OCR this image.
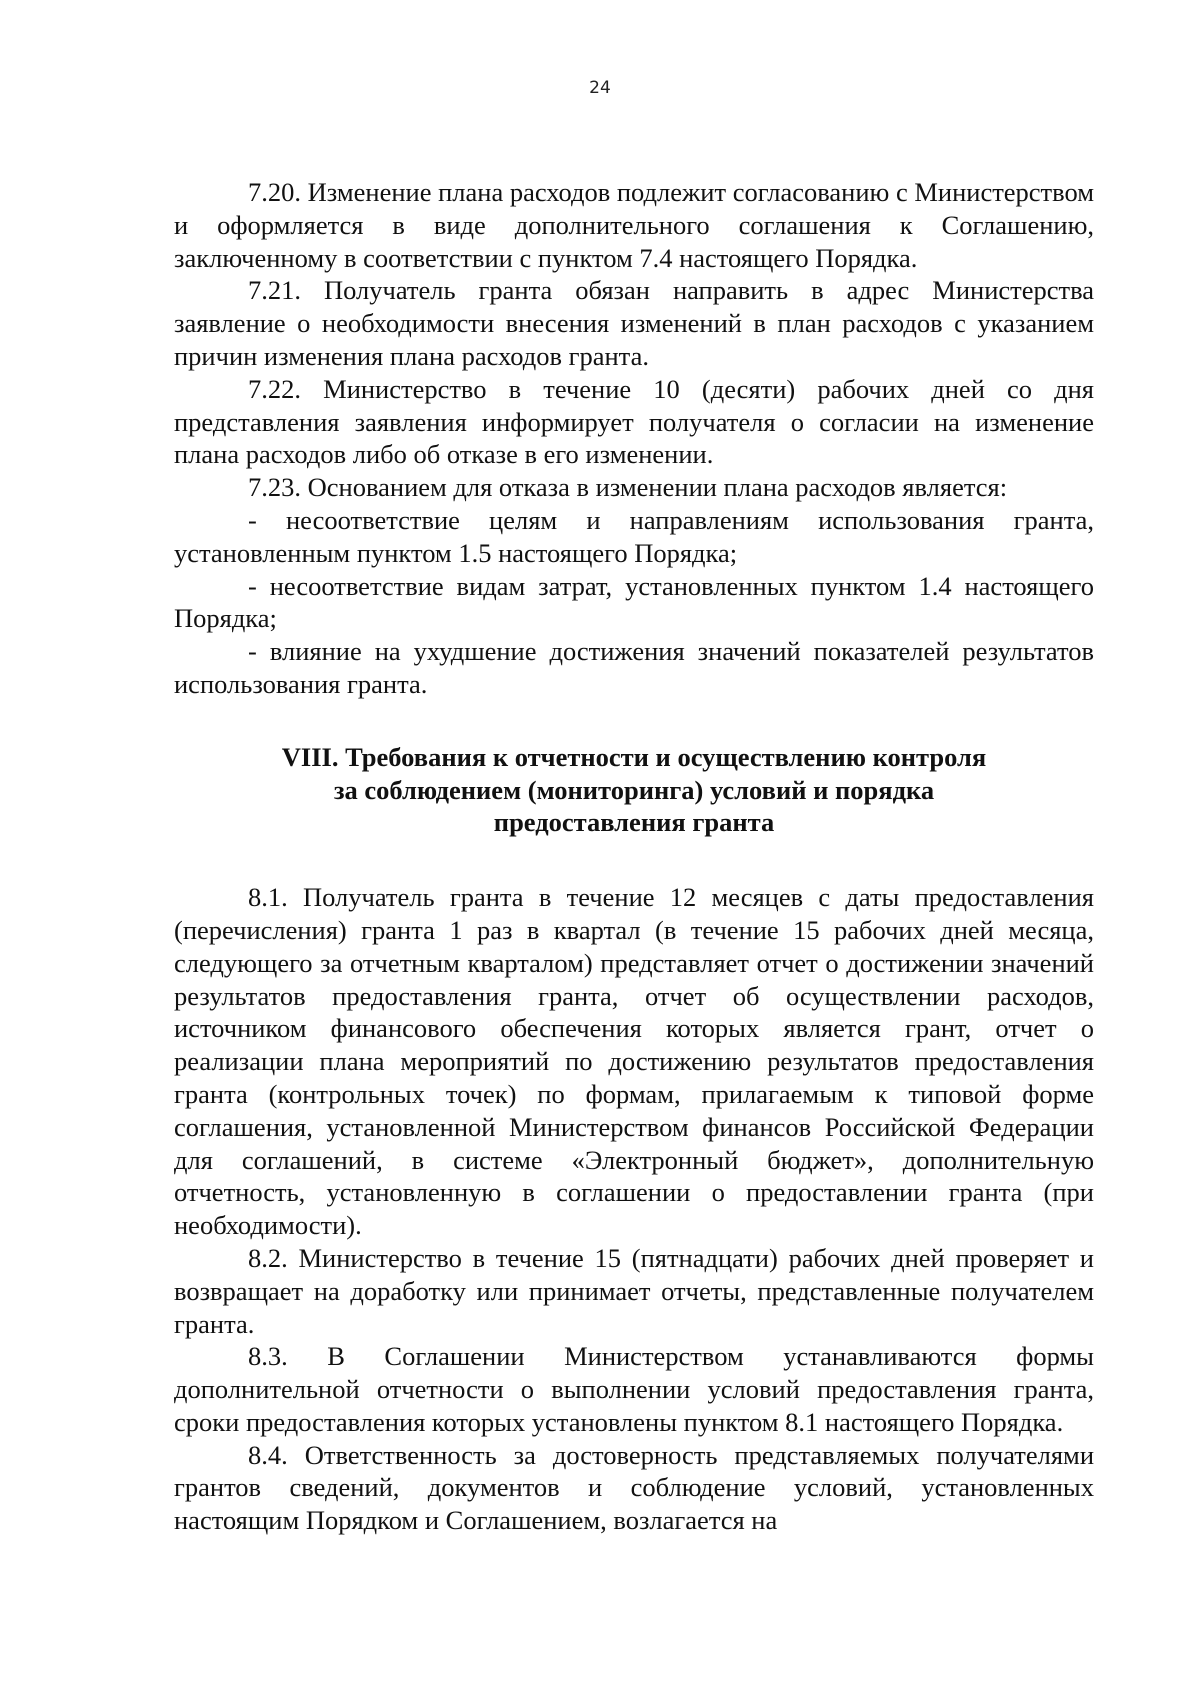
24

7.20. Изменение плана расходов подлежит согласованию с Министерством и оформляется в виде дополнительного соглашения к Соглашению, заключенному в соответствии с пунктом 7.4 настоящего Порядка.

7.21. Получатель гранта обязан направить в адрес Министерства заявление о необходимости внесения изменений в план расходов с указанием причин изменения плана расходов гранта.

7.22. Министерство в течение 10 (десяти) рабочих дней со дня представления заявления информирует получателя о согласии на изменение плана расходов либо об отказе в его изменении.

7.23. Основанием для отказа в изменении плана расходов является:

- несоответствие целям и направлениям использования гранта, установленным пунктом 1.5 настоящего Порядка;

- несоответствие видам затрат, установленных пунктом 1.4 настоящего Порядка;

- влияние на ухудшение достижения значений показателей результатов использования гранта.

VIII. Требования к отчетности и осуществлению контроля
за соблюдением (мониторинга) условий и порядка
предоставления гранта

8.1. Получатель гранта в течение 12 месяцев с даты предоставления (перечисления) гранта 1 раз в квартал (в течение 15 рабочих дней месяца, следующего за отчетным кварталом) представляет отчет о достижении значений результатов предоставления гранта, отчет об осуществлении расходов, источником финансового обеспечения которых является грант, отчет о реализации плана мероприятий по достижению результатов предоставления гранта (контрольных точек) по формам, прилагаемым к типовой форме соглашения, установленной Министерством финансов Российской Федерации для соглашений, в системе «Электронный бюджет», дополнительную отчетность, установленную в соглашении о предоставлении гранта (при необходимости).

8.2. Министерство в течение 15 (пятнадцати) рабочих дней проверяет и возвращает на доработку или принимает отчеты, представленные получателем гранта.

8.3. В Соглашении Министерством устанавливаются формы дополнительной отчетности о выполнении условий предоставления гранта, сроки предоставления которых установлены пунктом 8.1 настоящего Порядка.

8.4. Ответственность за достоверность представляемых получателями грантов сведений, документов и соблюдение условий, установленных настоящим Порядком и Соглашением, возлагается на
